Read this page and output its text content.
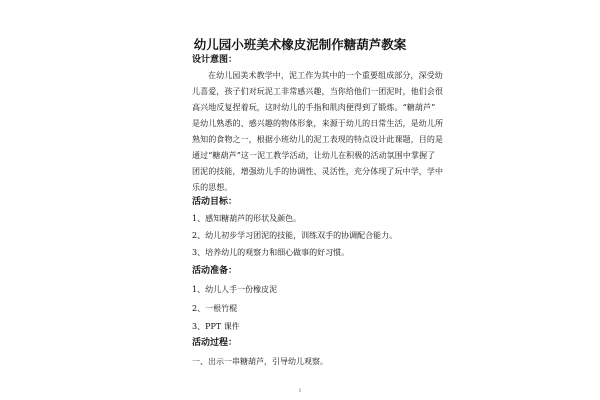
幼儿园小班美术橡皮泥制作糖葫芦教案
设计意图：
在幼儿园美术教学中，泥工作为其中的一个重要组成部分，深受幼
儿喜爱，孩子们对玩泥工非常感兴趣，当你给他们一团泥时，他们会很
高兴地反复捏着玩，这时幼儿的手指和肌肉便得到了锻炼。“糖葫芦”
是幼儿熟悉的、感兴趣的物体形象，来源于幼儿的日常生活，是幼儿所
熟知的食物之一，根据小班幼儿的泥工表现的特点设计此课题，目的是
通过“糖葫芦”这一泥工教学活动，让幼儿在积极的活动氛围中掌握了
团泥的技能，增强幼儿手的协调性、灵活性，充分体现了玩中学，学中
乐的思想。
活动目标：
1、感知糖葫芦的形状及颜色。
2、幼儿初步学习团泥的技能，训练双手的协调配合能力。
3、培养幼儿的观察力和细心做事的好习惯。
活动准备：
1、幼儿人手一份橡皮泥
2、一根竹棍
3、PPT 课件
活动过程：
一、出示一串糖葫芦，引导幼儿观察。
1
